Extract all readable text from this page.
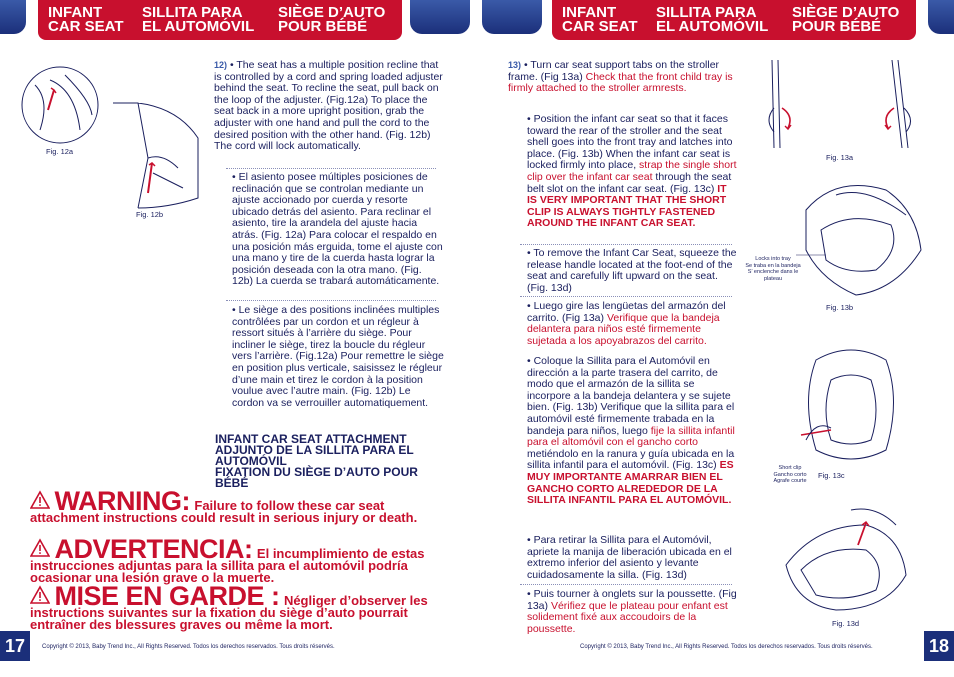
INFANT
CAR SEAT
SILLITA PARA
EL AUTOMÓVIL
SIÈGE D’AUTO
POUR BÉBÉ
INFANT
CAR SEAT
SILLITA PARA
EL AUTOMÓVIL
SIÈGE D’AUTO
POUR BÉBÉ
Fig. 12a
Fig. 12b
12) • The seat has a multiple position recline that is controlled by a cord and spring loaded adjuster behind the seat. To recline the seat, pull back on the loop of the adjuster. (Fig.12a) To place the seat back in a more upright position, grab the adjuster with one hand and pull the cord to the desired position with the other hand. (Fig. 12b) The cord will lock automatically.
• El asiento posee múltiples posiciones de reclinación que se controlan mediante un ajuste accionado por cuerda y resorte ubicado detrás del asiento. Para reclinar el asiento, tire la arandela del ajuste hacia atrás. (Fig. 12a) Para colocar el respaldo en una posición más erguida, tome el ajuste con una mano y tire de la cuerda hasta lograr la posición deseada con la otra mano. (Fig. 12b) La cuerda se trabará automáticamente.
• Le siège a des positions inclinées multiples contrôlées par un cordon et un régleur à ressort situés à l’arrière du siège. Pour incliner le siège, tirez la boucle du régleur vers l’arrière. (Fig.12a) Pour remettre le siège en position plus verticale, saisissez le régleur d’une main et tirez le cordon à la position voulue avec l’autre main. (Fig. 12b) Le cordon va se verrouiller automatiquement.
INFANT CAR SEAT ATTACHMENT
ADJUNTO DE LA SILLITA PARA EL AUTOMÓVIL
FIXATION DU SIÈGE D’AUTO POUR BÉBÉ
WARNING: Failure to follow these car seat attachment instructions could result in serious injury or death.
ADVERTENCIA: El incumplimiento de estas instrucciones adjuntas para la sillita para el automóvil podría ocasionar una lesión grave o la muerte.
MISE EN GARDE : Négliger d’observer les instructions suivantes sur la fixation du siège d’auto pourrait entraîner des blessures graves ou même la mort.
17	Copyright © 2013, Baby Trend Inc., All Rights Reserved. Todos los derechos reservados. Tous droits réservés.
13) • Turn car seat support tabs on the stroller frame. (Fig 13a) Check that the front child tray is firmly attached to the stroller armrests.
• Position the infant car seat so that it faces toward the rear of the stroller and the seat shell goes into the front tray and latches into place. (Fig. 13b) When the infant car seat is locked firmly into place, strap the single short clip over the infant car seat through the seat belt slot on the infant car seat. (Fig. 13c) IT IS VERY IMPORTANT THAT THE SHORT CLIP IS ALWAYS TIGHTLY FASTENED AROUND THE INFANT CAR SEAT.
• To remove the Infant Car Seat, squeeze the release handle located at the foot-end of the seat and carefully lift upward on the seat. (Fig. 13d)
• Luego gire las lengüetas del armazón del carrito. (Fig 13a) Verifique que la bandeja delantera para niños esté firmemente sujetada a los apoyabrazos del carrito.
• Coloque la Sillita para el Automóvil en dirección a la parte trasera del carrito, de modo que el armazón de la sillita se incorpore a la bandeja delantera y se sujete bien. (Fig. 13b) Verifique que la sillita para el automóvil esté firmemente trabada en la bandeja para niños, luego fije la sillita infantil para el altomóvil con el gancho corto metiéndolo en la ranura y guía ubicada en la sillita infantil para el automóvil. (Fig. 13c) ES MUY IMPORTANTE AMARRAR BIEN EL GANCHO CORTO ALREDEDOR DE LA SILLITA INFANTIL PARA EL AUTOMÓVIL.
• Para retirar la Sillita para el Automóvil, apriete la manija de liberación ubicada en el extremo inferior del asiento y levante cuidadosamente la silla. (Fig. 13d)
• Puis tourner à onglets sur la poussette. (Fig 13a) Vérifiez que le plateau pour enfant est solidement fixé aux accoudoirs de la poussette.
Fig. 13a
Locks into tray
Se traba en la bandeja
S’ enclenche dans le plateau
Fig. 13b
Short clip
Gancho corto
Agrafe courte
Fig. 13c
Fig. 13d
18
Copyright © 2013, Baby Trend Inc., All Rights Reserved. Todos los derechos reservados. Tous droits réservés.
